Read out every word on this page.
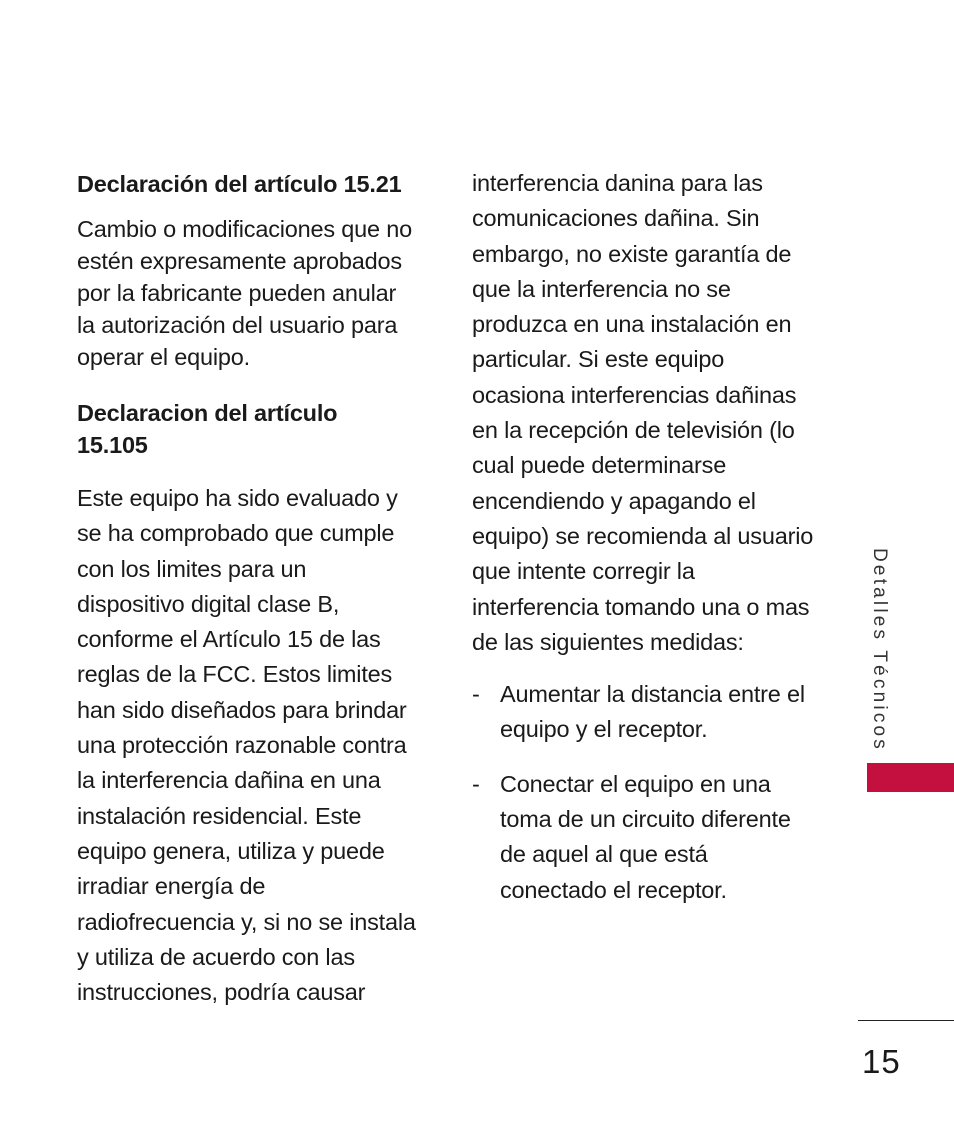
Declaración del artículo 15.21
Cambio o modificaciones que no
estén expresamente aprobados
por la fabricante pueden anular
la autorización del usuario para
operar el equipo.
Declaracion del artículo
15.105
Este equipo ha sido evaluado y
se ha comprobado que cumple
con los limites para un
dispositivo digital clase B,
conforme el Artículo 15 de las
reglas de la FCC. Estos limites
han sido diseñados para brindar
una protección razonable contra
la interferencia dañina en una
instalación residencial. Este
equipo genera, utiliza y puede
irradiar energía de
radiofrecuencia y, si no se instala
y utiliza de acuerdo con las
instrucciones, podría causar
interferencia danina para las
comunicaciones dañina. Sin
embargo, no existe garantía de
que la interferencia no se
produzca en una instalación en
particular. Si este equipo
ocasiona interferencias dañinas
en la recepción de televisión (lo
cual puede determinarse
encendiendo y apagando el
equipo) se recomienda al usuario
que intente corregir la
interferencia tomando una o mas
de las siguientes medidas:
- Aumentar la distancia entre el
equipo y el receptor.
- Conectar el equipo en una
toma de un circuito diferente
de aquel al que está
conectado el receptor.
Detalles Técnicos
15
